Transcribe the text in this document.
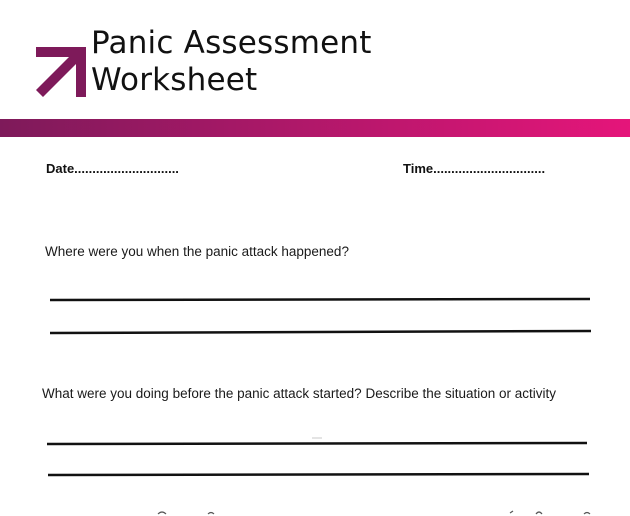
Panic Assessment
Worksheet
Date.............................	Time...............................
Where were you when the panic attack happened?
What were you doing before the panic attack started? Describe the situation or activity
